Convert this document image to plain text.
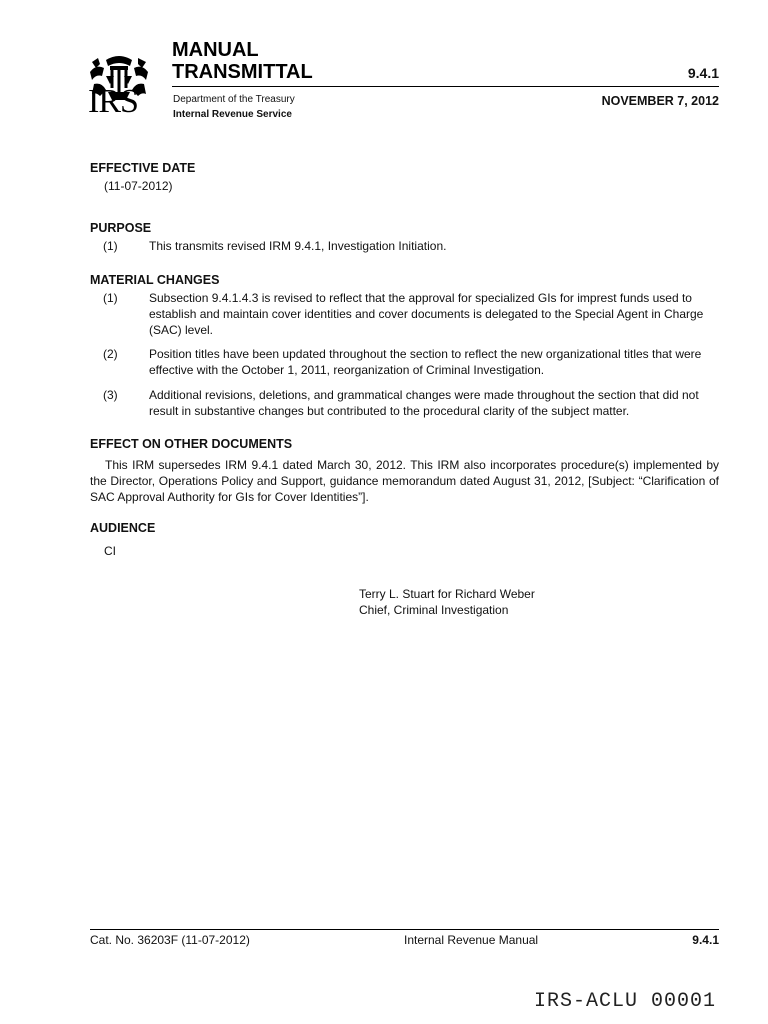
IRS
MANUAL
TRANSMITTAL	9.4.1
Department of the Treasury
Internal Revenue Service
NOVEMBER 7, 2012
EFFECTIVE DATE
(11-07-2012)
PURPOSE
(1)	This transmits revised IRM 9.4.1, Investigation Initiation.
MATERIAL CHANGES
(1)	Subsection 9.4.1.4.3 is revised to reflect that the approval for specialized GIs for imprest funds used to establish and maintain cover identities and cover documents is delegated to the Special Agent in Charge (SAC) level.
(2)	Position titles have been updated throughout the section to reflect the new organizational titles that were effective with the October 1, 2011, reorganization of Criminal Investigation.
(3)	Additional revisions, deletions, and grammatical changes were made throughout the section that did not result in substantive changes but contributed to the procedural clarity of the subject matter.
EFFECT ON OTHER DOCUMENTS
This IRM supersedes IRM 9.4.1 dated March 30, 2012. This IRM also incorporates procedure(s) implemented by the Director, Operations Policy and Support, guidance memorandum dated August 31, 2012, [Subject: “Clarification of SAC Approval Authority for GIs for Cover Identities”].
AUDIENCE
CI
Terry L. Stuart for Richard Weber
Chief, Criminal Investigation
Cat. No. 36203F (11-07-2012)	Internal Revenue Manual	9.4.1
IRS-ACLU 00001
